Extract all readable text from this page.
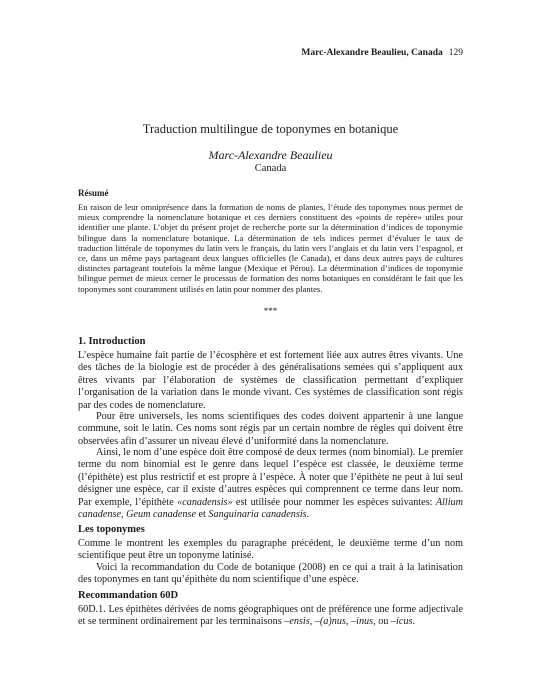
Marc-Alexandre Beaulieu, Canada 129
Traduction multilingue de toponymes en botanique
Marc-Alexandre Beaulieu
Canada
Résumé

En raison de leur omniprésence dans la formation de noms de plantes, l’étude des toponymes nous permet de mieux comprendre la nomenclature botanique et ces derniers constituent des «points de repère» utiles pour identifier une plante. L’objet du présent projet de recherche porte sur la détermination d’indices de toponymie bilingue dans la nomenclature botanique. La détermination de tels indices permet d’évaluer le taux de traduction littérale de toponymes du latin vers le français, du latin vers l’anglais et du latin vers l’espagnol, et ce, dans un même pays partageant deux langues officielles (le Canada), et dans deux autres pays de cultures distinctes partageant toutefois la même langue (Mexique et Pérou). La détermination d’indices de toponymie bilingue permet de mieux cerner le processus de formation des noms botaniques en considérant le fait que les toponymes sont couramment utilisés en latin pour nommer des plantes.

***
1. Introduction

L’espèce humaine fait partie de l’écosphère et est fortement liée aux autres êtres vivants. Une des tâches de la biologie est de procéder à des généralisations semées qui s’appliquent aux êtres vivants par l’élaboration de systèmes de classification permettant d’expliquer l’organisation de la variation dans le monde vivant. Ces systèmes de classification sont régis par des codes de nomenclature.

Pour être universels, les noms scientifiques des codes doivent appartenir à une langue commune, soit le latin. Ces noms sont régis par un certain nombre de règles qui doivent être observées afin d’assurer un niveau élevé d’uniformité dans la nomenclature.

Ainsi, le nom d’une espèce doit être composé de deux termes (nom binomial). Le premier terme du nom binomial est le genre dans lequel l’espèce est classée, le deuxième terme (l’épithète) est plus restrictif et est propre à l’espèce. À noter que l’épithète ne peut à lui seul désigner une espèce, car il existe d’autres espèces qui comprennent ce terme dans leur nom. Par exemple, l’épithète «canadensis» est utilisée pour nommer les espèces suivantes: Allium canadense, Geum canadense et Sanguinaria canadensis.

Les toponymes

Comme le montrent les exemples du paragraphe précédent, le deuxième terme d’un nom scientifique peut être un toponyme latinisé.

Voici la recommandation du Code de botanique (2008) en ce qui a trait à la latinisation des toponymes en tant qu’épithète du nom scientifique d’une espèce.

Recommandation 60D

60D.1. Les épithètes dérivées de noms géographiques ont de préférence une forme adjectivale et se terminent ordinairement par les terminaisons –ensis, –(a)nus, –inus, ou –icus.
